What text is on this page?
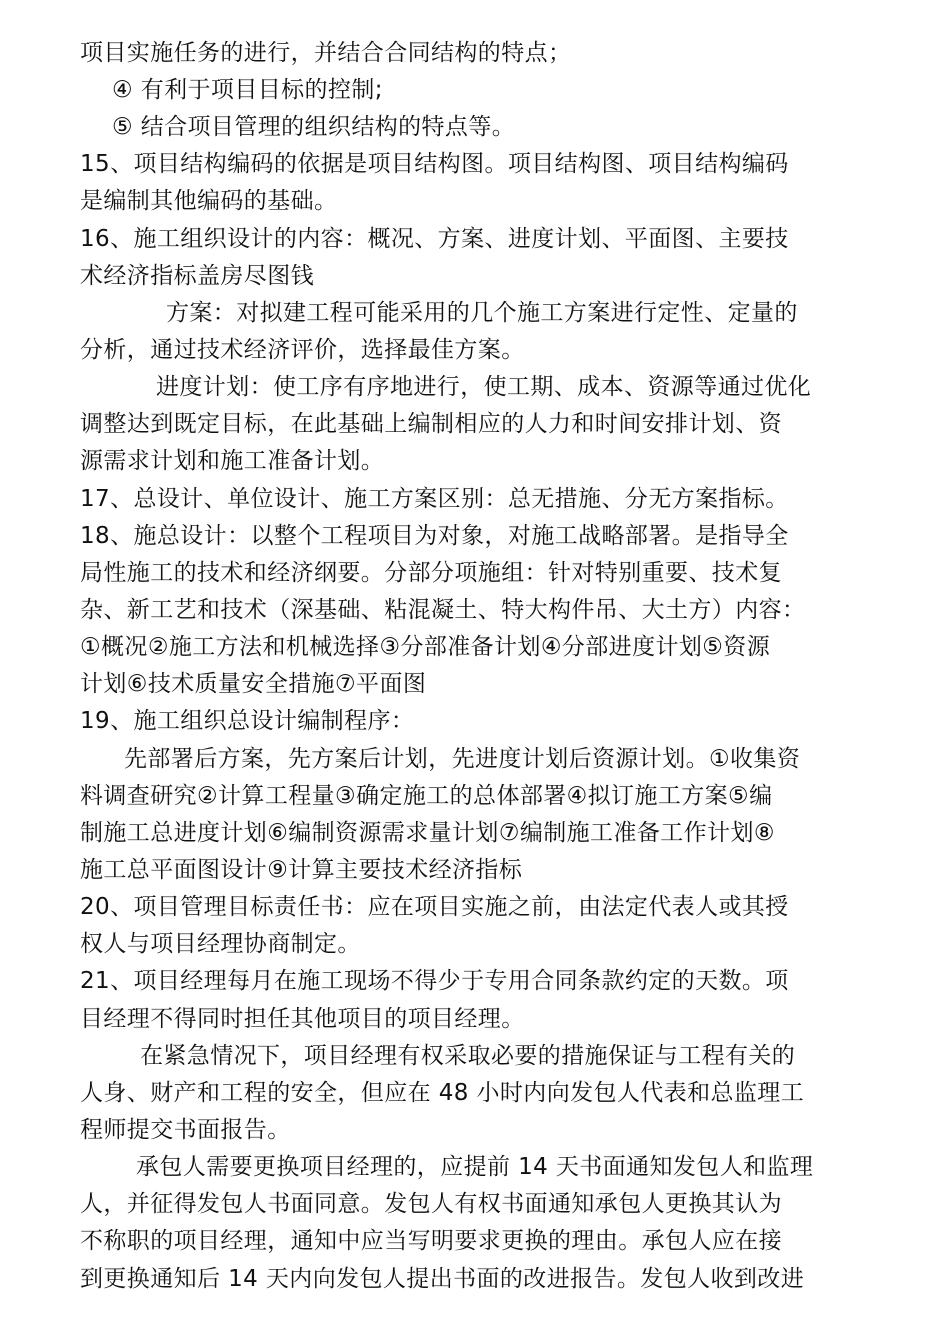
项目实施任务的进行，并结合合同结构的特点；
④ 有利于项目目标的控制;
⑤ 结合项目管理的组织结构的特点等。
15、项目结构编码的依据是项目结构图。项目结构图、项目结构编码
是编制其他编码的基础。
16、施工组织设计的内容：概况、方案、进度计划、平面图、主要技
术经济指标盖房尽图钱
方案：对拟建工程可能采用的几个施工方案进行定性、定量的
分析，通过技术经济评价，选择最佳方案。
进度计划：使工序有序地进行，使工期、成本、资源等通过优化
调整达到既定目标，在此基础上编制相应的人力和时间安排计划、资
源需求计划和施工准备计划。
17、总设计、单位设计、施工方案区别：总无措施、分无方案指标。
18、施总设计：以整个工程项目为对象，对施工战略部署。是指导全
局性施工的技术和经济纲要。分部分项施组：针对特别重要、技术复
杂、新工艺和技术（深基础、粘混凝土、特大构件吊、大土方）内容：
①概况②施工方法和机械选择③分部准备计划④分部进度计划⑤资源
计划⑥技术质量安全措施⑦平面图
19、施工组织总设计编制程序：
先部署后方案，先方案后计划，先进度计划后资源计划。①收集资
料调查研究②计算工程量③确定施工的总体部署④拟订施工方案⑤编
制施工总进度计划⑥编制资源需求量计划⑦编制施工准备工作计划⑧
施工总平面图设计⑨计算主要技术经济指标
20、项目管理目标责任书：应在项目实施之前，由法定代表人或其授
权人与项目经理协商制定。
21、项目经理每月在施工现场不得少于专用合同条款约定的天数。项
目经理不得同时担任其他项目的项目经理。
在紧急情况下，项目经理有权采取必要的措施保证与工程有关的
人身、财产和工程的安全，但应在 48 小时内向发包人代表和总监理工
程师提交书面报告。
承包人需要更换项目经理的，应提前 14 天书面通知发包人和监理
人，并征得发包人书面同意。发包人有权书面通知承包人更换其认为
不称职的项目经理，通知中应当写明要求更换的理由。承包人应在接
到更换通知后 14 天内向发包人提出书面的改进报告。发包人收到改进
